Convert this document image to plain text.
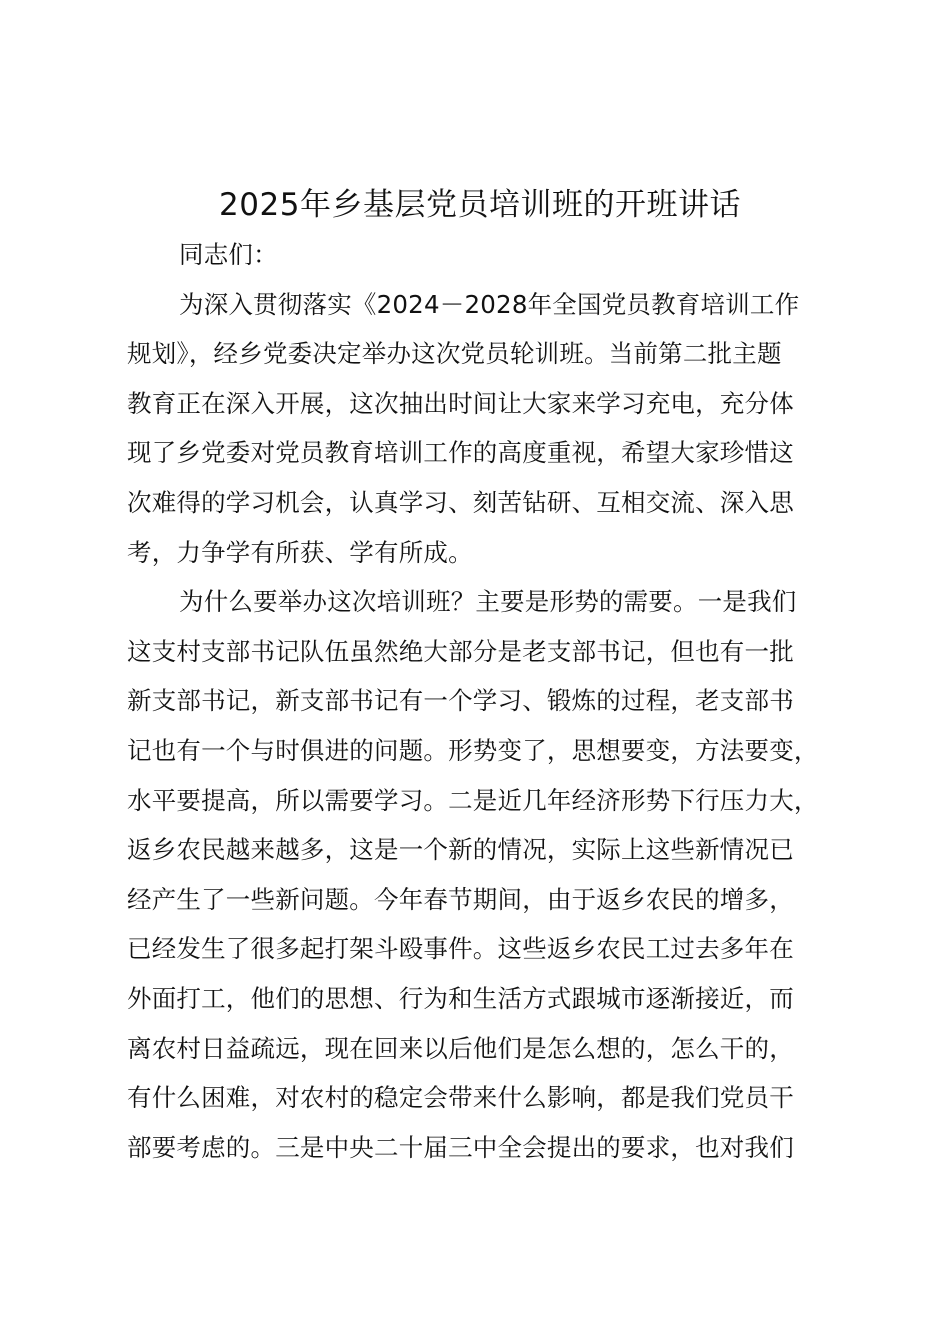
2025年乡基层党员培训班的开班讲话
同志们：
为深入贯彻落实《2024－2028年全国党员教育培训工作
规划》，经乡党委决定举办这次党员轮训班。当前第二批主题
教育正在深入开展，这次抽出时间让大家来学习充电，充分体
现了乡党委对党员教育培训工作的高度重视，希望大家珍惜这
次难得的学习机会，认真学习、刻苦钻研、互相交流、深入思
考，力争学有所获、学有所成。
为什么要举办这次培训班？主要是形势的需要。一是我们
这支村支部书记队伍虽然绝大部分是老支部书记，但也有一批
新支部书记，新支部书记有一个学习、锻炼的过程，老支部书
记也有一个与时俱进的问题。形势变了，思想要变，方法要变，
水平要提高，所以需要学习。二是近几年经济形势下行压力大，
返乡农民越来越多，这是一个新的情况，实际上这些新情况已
经产生了一些新问题。今年春节期间，由于返乡农民的增多，
已经发生了很多起打架斗殴事件。这些返乡农民工过去多年在
外面打工，他们的思想、行为和生活方式跟城市逐渐接近，而
离农村日益疏远，现在回来以后他们是怎么想的，怎么干的，
有什么困难，对农村的稳定会带来什么影响，都是我们党员干
部要考虑的。三是中央二十届三中全会提出的要求，也对我们
